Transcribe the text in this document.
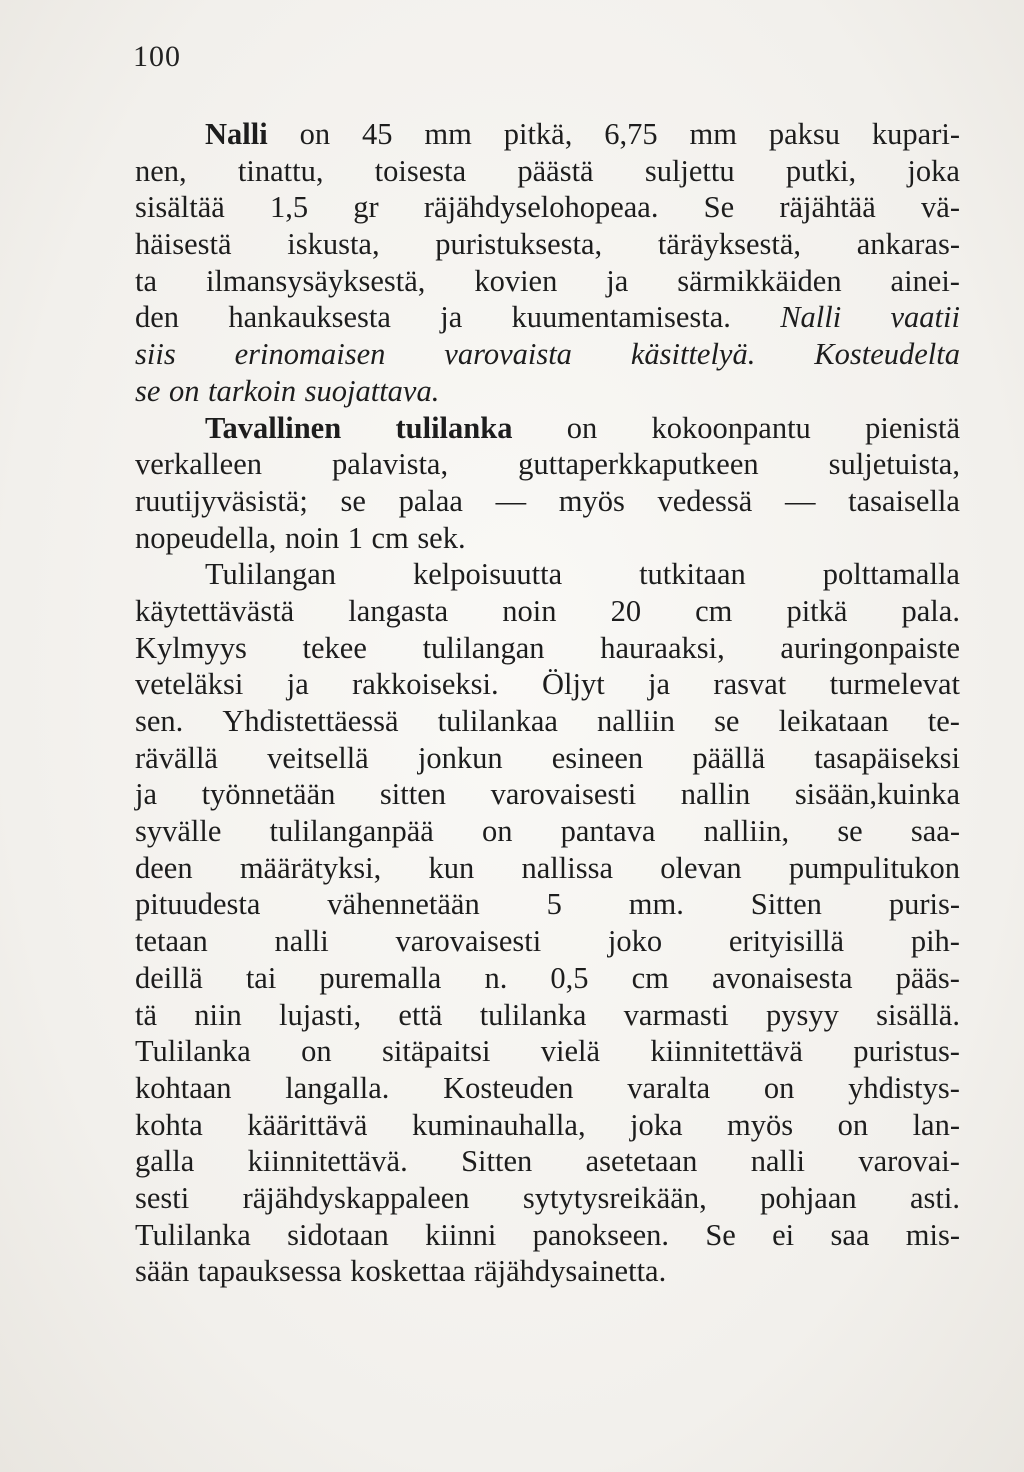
100
Nalli on 45 mm pitkä, 6,75 mm paksu kupari-
nen, tinattu, toisesta päästä suljettu putki, joka
sisältää 1,5 gr räjähdyselohopeaa. Se räjähtää vä-
häisestä iskusta, puristuksesta, täräyksestä, ankaras-
ta ilmansysäyksestä, kovien ja särmikkäiden ainei-
den hankauksesta ja kuumentamisesta. Nalli vaatii
siis erinomaisen varovaista käsittelyä. Kosteudelta
se on tarkoin suojattava.
Tavallinen tulilanka on kokoonpantu pienistä
verkalleen palavista, guttaperkkaputkeen suljetuista,
ruutijyväsistä; se palaa — myös vedessä — tasaisella
nopeudella, noin 1 cm sek.
Tulilangan	kelpoisuutta	tutkitaan	polttamalla
käytettävästä langasta noin 20 cm pitkä pala.
Kylmyys tekee tulilangan hauraaksi, auringonpaiste
veteläksi ja rakkoiseksi. Öljyt ja rasvat turmelevat
sen. Yhdistettäessä tulilankaa nalliin se leikataan te-
rävällä veitsellä jonkun esineen päällä tasapäiseksi
ja työnnetään sitten varovaisesti nallin sisään,kuinka
syvälle tulilanganpää on pantava nalliin, se saa-
deen määrätyksi, kun nallissa olevan pumpulitukon
pituudesta vähennetään 5 mm. Sitten puris-
tetaan nalli varovaisesti joko erityisillä pih-
deillä tai puremalla n. 0,5 cm avonaisesta pääs-
tä niin lujasti, että tulilanka varmasti pysyy sisällä.
Tulilanka on sitäpaitsi vielä kiinnitettävä puristus-
kohtaan langalla. Kosteuden varalta on yhdistys-
kohta käärittävä kuminauhalla, joka myös on lan-
galla kiinnitettävä. Sitten asetetaan nalli varovai-
sesti räjähdyskappaleen sytytysreikään, pohjaan asti.
Tulilanka sidotaan kiinni panokseen. Se ei saa mis-
sään tapauksessa koskettaa räjähdysainetta.
